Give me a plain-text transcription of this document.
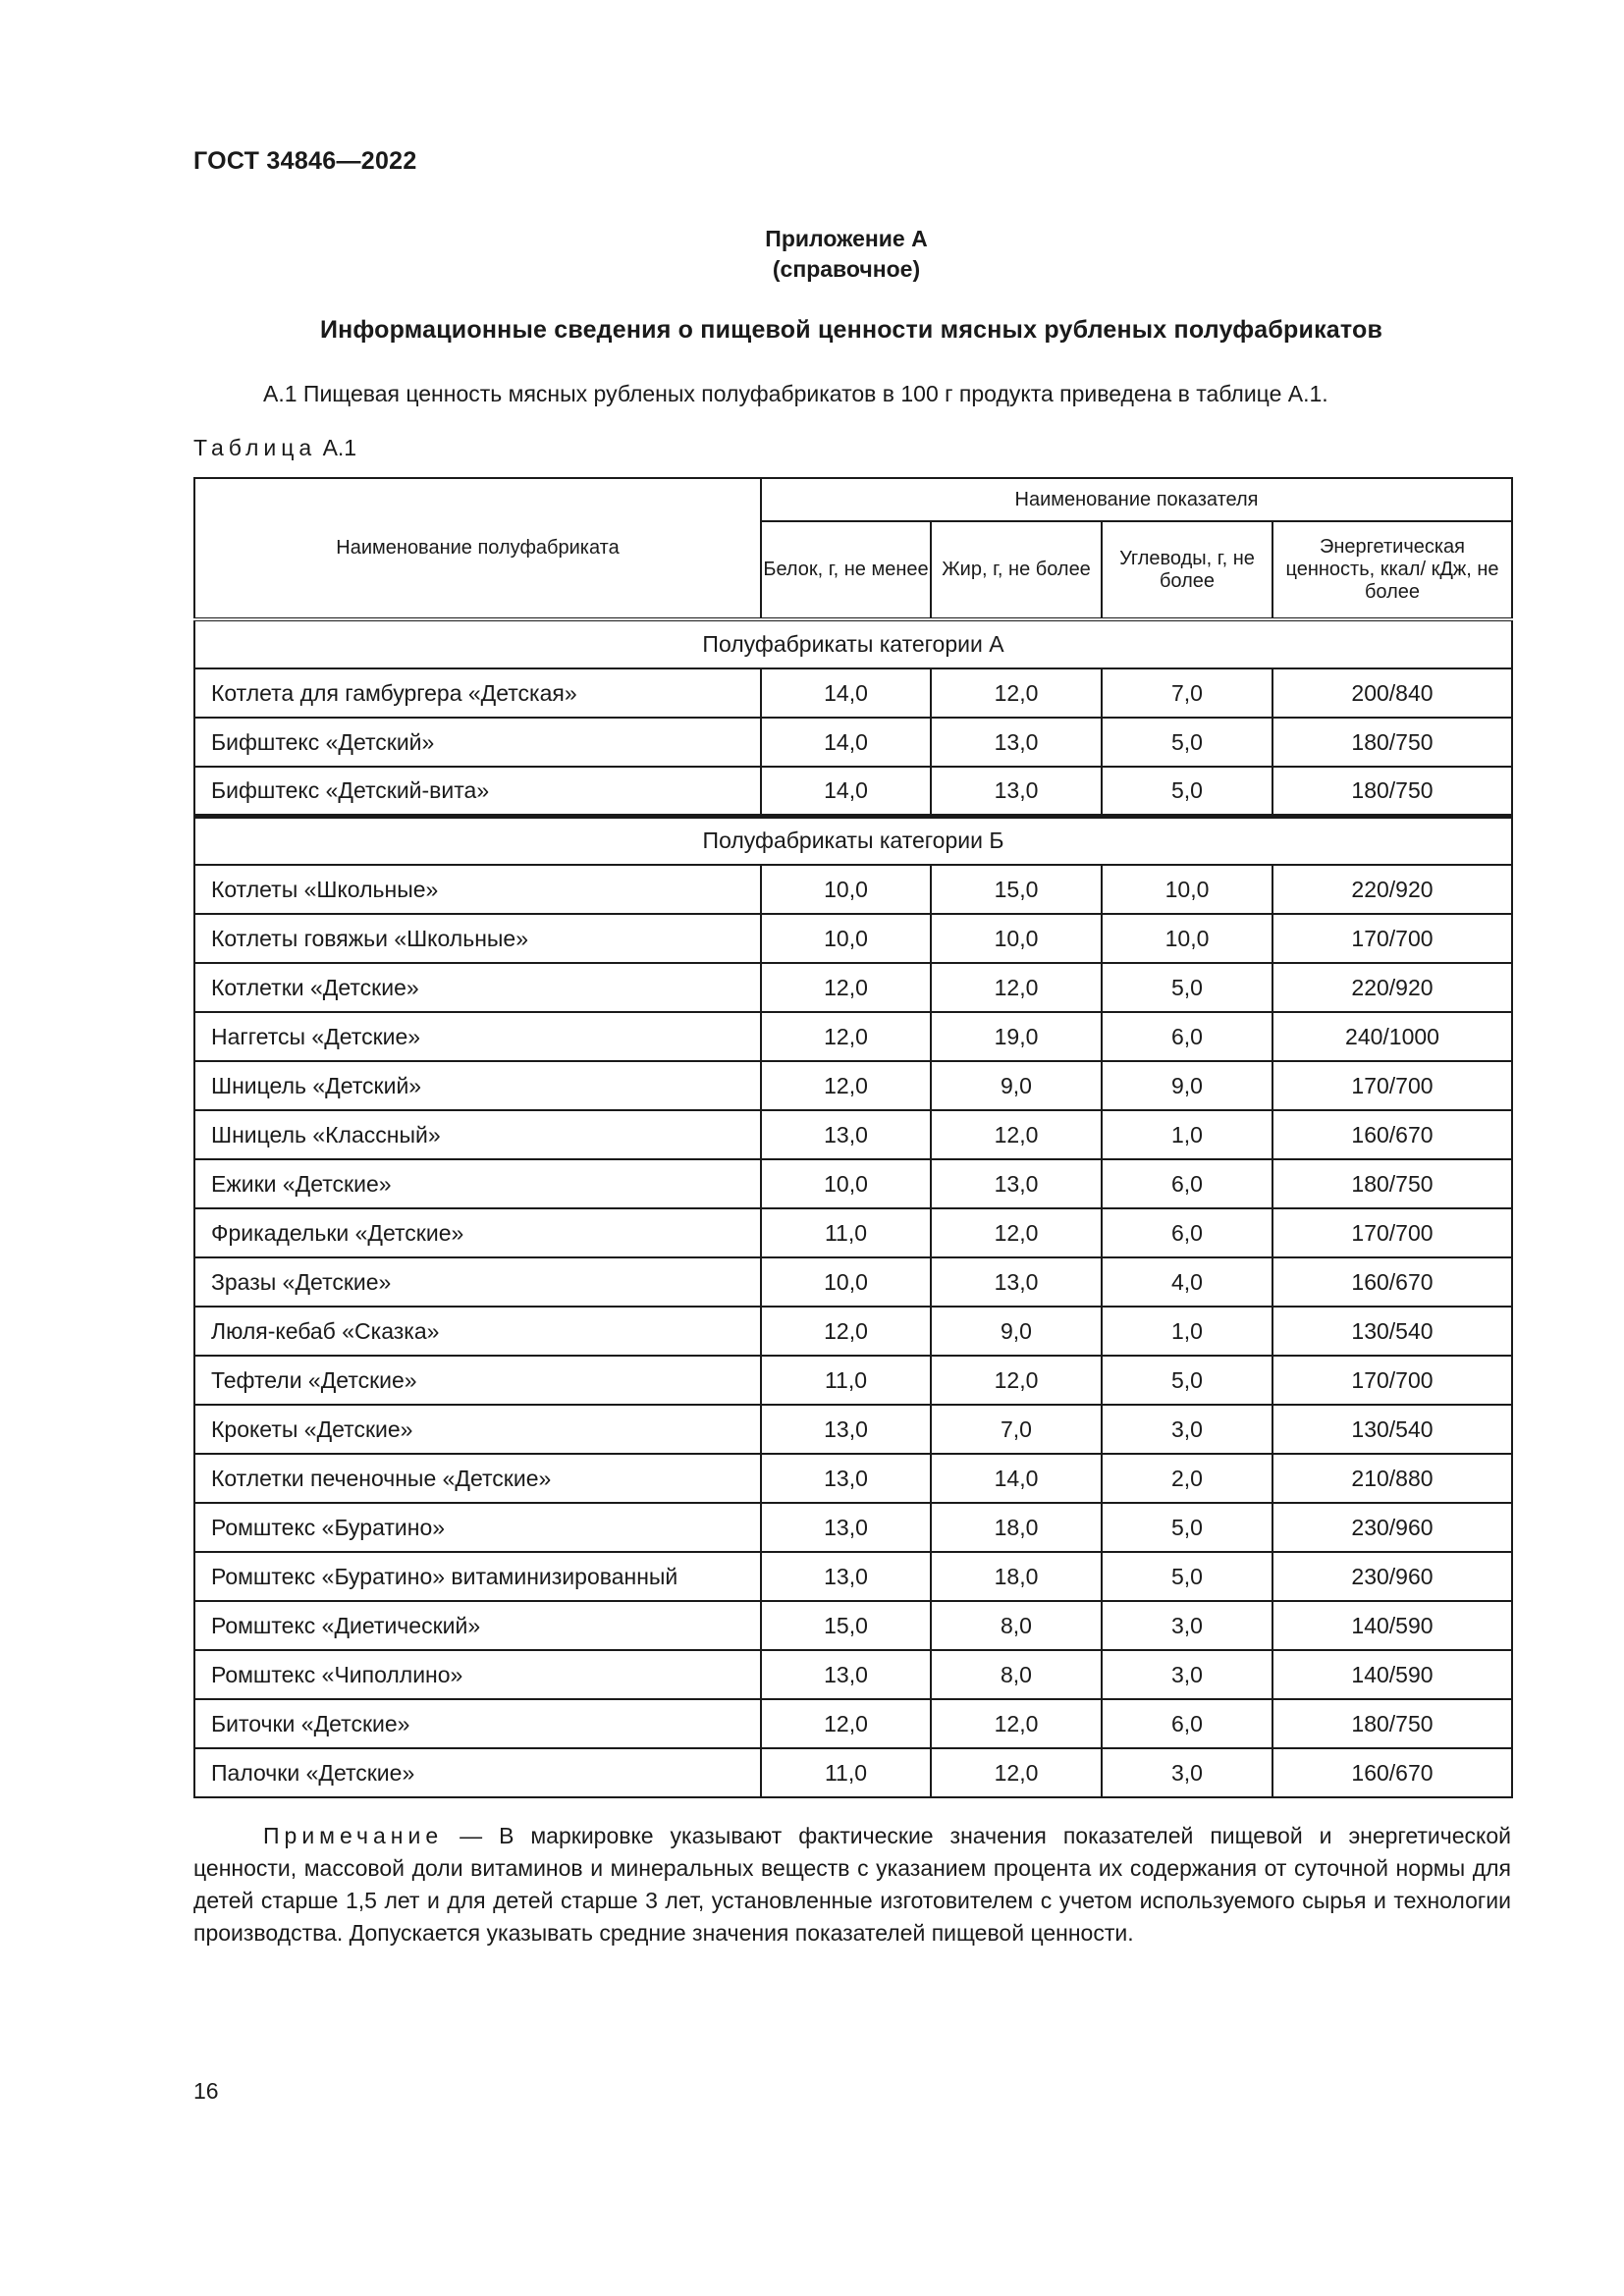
ГОСТ 34846—2022

Приложение А
(справочное)

Информационные сведения о пищевой ценности мясных рубленых полуфабрикатов

А.1 Пищевая ценность мясных рубленых полуфабрикатов в 100 г продукта приведена в таблице А.1.

Таблица А.1

Наименование полуфабриката	Наименование показателя			
	Белок, г, не менее	Жир, г, не более	Углеводы, г, не более	Энергетическая ценность, ккал/ кДж, не более
Полуфабрикаты категории А				
Котлета для гамбургера «Детская»	14,0	12,0	7,0	200/840
Бифштекс «Детский»	14,0	13,0	5,0	180/750
Бифштекс «Детский-вита»	14,0	13,0	5,0	180/750
Полуфабрикаты категории Б				
Котлеты «Школьные»	10,0	15,0	10,0	220/920
Котлеты говяжьи «Школьные»	10,0	10,0	10,0	170/700
Котлетки «Детские»	12,0	12,0	5,0	220/920
Наггетсы «Детские»	12,0	19,0	6,0	240/1000
Шницель «Детский»	12,0	9,0	9,0	170/700
Шницель «Классный»	13,0	12,0	1,0	160/670
Ежики «Детские»	10,0	13,0	6,0	180/750
Фрикадельки «Детские»	11,0	12,0	6,0	170/700
Зразы «Детские»	10,0	13,0	4,0	160/670
Люля-кебаб «Сказка»	12,0	9,0	1,0	130/540
Тефтели «Детские»	11,0	12,0	5,0	170/700
Крокеты «Детские»	13,0	7,0	3,0	130/540
Котлетки печеночные «Детские»	13,0	14,0	2,0	210/880
Ромштекс «Буратино»	13,0	18,0	5,0	230/960
Ромштекс «Буратино» витаминизированный	13,0	18,0	5,0	230/960
Ромштекс «Диетический»	15,0	8,0	3,0	140/590
Ромштекс «Чиполлино»	13,0	8,0	3,0	140/590
Биточки «Детские»	12,0	12,0	6,0	180/750
Палочки «Детские»	11,0	12,0	3,0	160/670

Примечание — В маркировке указывают фактические значения показателей пищевой и энергетической ценности, массовой доли витаминов и минеральных веществ с указанием процента их содержания от суточной нормы для детей старше 1,5 лет и для детей старше 3 лет, установленные изготовителем с учетом используемого сырья и технологии производства. Допускается указывать средние значения показателей пищевой ценности.

16
